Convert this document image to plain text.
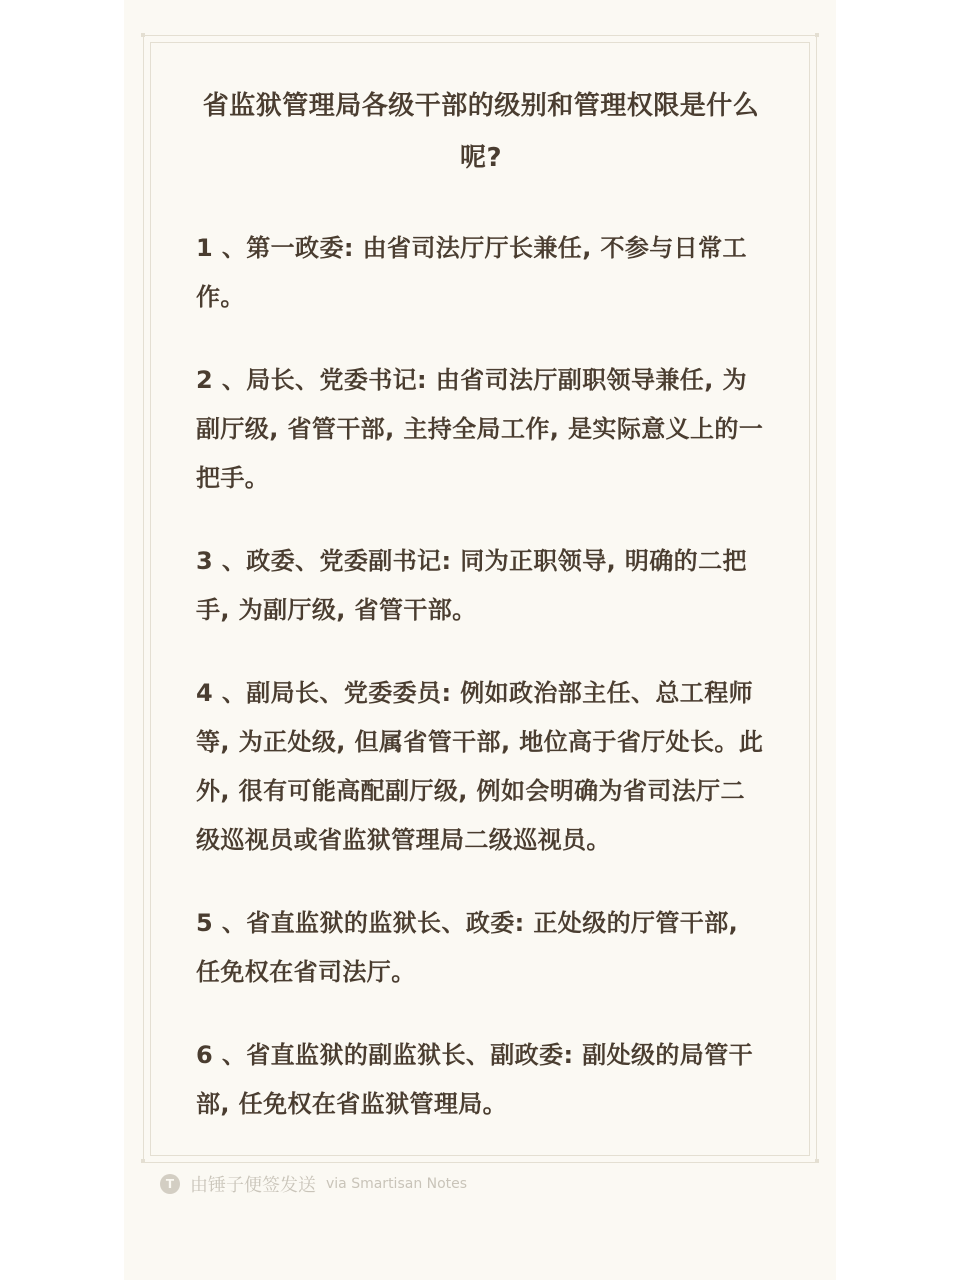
省监狱管理局各级干部的级别和管理权限是什么呢?

1 、第一政委: 由省司法厅厅长兼任, 不参与日常工作。

2 、局长、党委书记: 由省司法厅副职领导兼任, 为副厅级, 省管干部, 主持全局工作, 是实际意义上的一把手。

3 、政委、党委副书记: 同为正职领导, 明确的二把手, 为副厅级, 省管干部。

4 、副局长、党委委员: 例如政治部主任、总工程师等, 为正处级, 但属省管干部, 地位高于省厅处长。此外, 很有可能高配副厅级, 例如会明确为省司法厅二级巡视员或省监狱管理局二级巡视员。

5 、省直监狱的监狱长、政委: 正处级的厅管干部, 任免权在省司法厅。

6 、省直监狱的副监狱长、副政委: 副处级的局管干部, 任免权在省监狱管理局。

T 由锤子便签发送 via Smartisan Notes
